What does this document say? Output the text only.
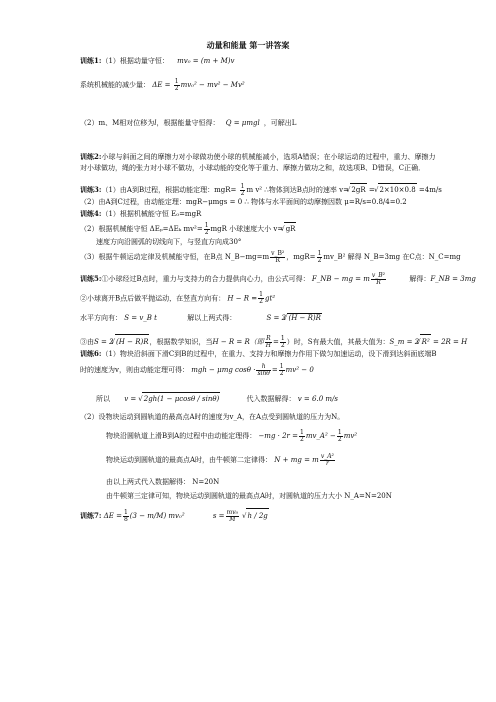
动量和能量 第一讲答案
训练1:（1）根据动量守恒： mv₀ = (m + M)v
系统机械能的减少量： $\Delta E = \frac{1}{2} mv_0^2 - mv^2 - Mv^2$
（2）m、M相对位移为l，根据能量守恒得： Q = μmgl ，可解出L
训练2:小球与斜面之间的摩擦力对小球做功使小球的机械能减小，选项A错误；在小球运动的过程中，重力、摩擦力
对小球做功，绳的张力对小球不做功，小球动能的变化等于重力、摩擦力做功之和，故选项B、D错误，C正确．
训练3:（1）由A到B过程，根据动能定理：$mgR= \frac{1}{2}$ m v² ∴物体到达B点时的速率 v= √ 2gR = √ 2×10×0.8 =4m/s
（2）由A到C过程，由动能定理：mgR−μmgs = 0 ∴ 物体与水平面间的动摩擦因数 μ=R/s=0.8/4=0.2
训练4:（1）根据机械能守恒 E₀=mgR
（2）根据机械能守恒 ΔEₚ=ΔEₖ $mv^2= \frac{1}{2}$ mgR 小球速度大小 v= √ gR
速度方向沿圆弧的切线向下，与竖直方向成30°
（3）根据牛顿运动定律及机械能守恒，在B点 N_B−mg=m $\frac{\text{v\_B²}}{R}$ ，$mgR= \frac{1}{2}$ mv_B² 解得 N_B=3mg 在C点：N_C=mg
训练5:①小球经过B点时，重力与支持力的合力提供向心力，由公式可得： F_NB − mg = m $\frac{\text{v\_B²}}{R}$	解得：F_NB = 3mg
②小球离开B点后做平抛运动，在竖直方向有： $H - R = \frac{1}{2} gt^2$
水平方向有： S = v_B t	解以上两式得：	S = 2 √ (H − R)R
③由S = 2 √ (H − R)R，根据数学知识，当H − R = R（即 $\frac{R}{H} = \frac{1}{2}$ ）时，S有最大值，其最大值为：S_m = 2 √ R² = 2R = H
训练6:（1）物块沿斜面下滑C到B的过程中，在重力、支持力和摩擦力作用下做匀加速运动，设下滑到达斜面底端B
时的速度为v，则由动能定理可得： mgh − μmg $\cos\theta \cdot \frac{h}{\sin\theta} = \frac{1}{2} mv^2 - 0$
所以 v = √ 2gh(1 − μcosθ / sinθ)	代入数据解得： v = 6.0 m/s
（2）设物块运动到圆轨道的最高点A时的速度为v_A，在A点受到圆轨道的压力为N。
物块沿圆轨道上滑B到A的过程中由动能定理得： $-mg \cdot 2r = \frac{1}{2}$ mv_A² − $\frac{1}{2} mv^2$
物块运动到圆轨道的最高点A时，由牛顿第二定律得： N + mg = m $\frac{\text{v\_A²}}{r}$
由以上两式代入数据解得： N=20N
由牛顿第三定律可知，物块运动到圆轨道的最高点A时，对圆轨道的压力大小 N_A=N=20N
训练7: $\Delta E = \frac{1}{8} (3 - m/M)$ mv₀²	$s = \frac{\text{mv₀}}{M}$ √ h / 2g
